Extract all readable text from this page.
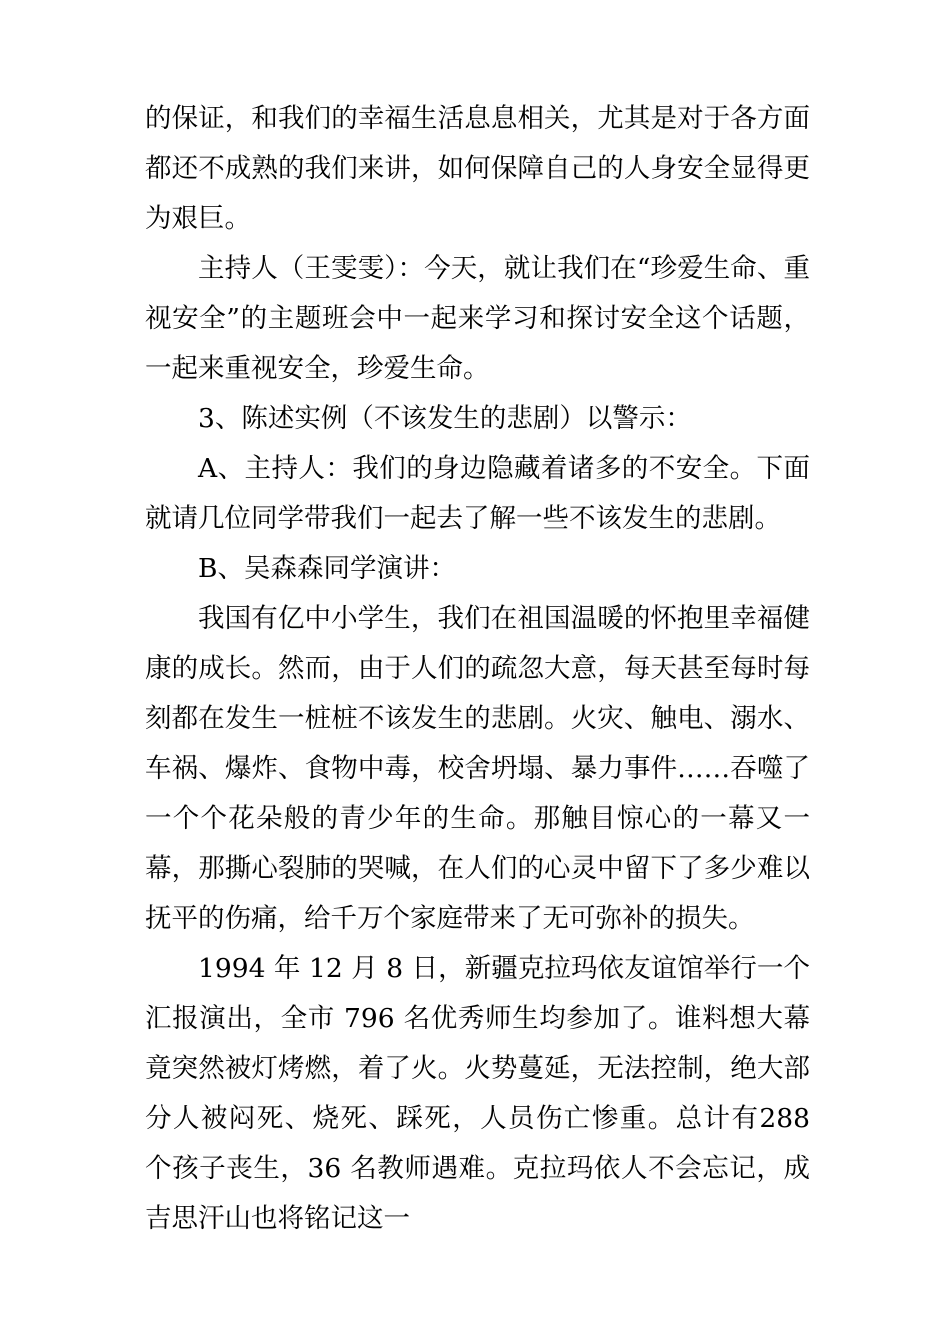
的保证，和我们的幸福生活息息相关，尤其是对于各方面都还不成熟的我们来讲，如何保障自己的人身安全显得更为艰巨。

主持人（王雯雯）：今天，就让我们在“珍爱生命、重视安全”的主题班会中一起来学习和探讨安全这个话题，一起来重视安全，珍爱生命。

3、陈述实例（不该发生的悲剧）以警示：

A、主持人：我们的身边隐藏着诸多的不安全。下面就请几位同学带我们一起去了解一些不该发生的悲剧。

B、吴森森同学演讲：

我国有亿中小学生，我们在祖国温暖的怀抱里幸福健康的成长。然而，由于人们的疏忽大意，每天甚至每时每刻都在发生一桩桩不该发生的悲剧。火灾、触电、溺水、车祸、爆炸、食物中毒，校舍坍塌、暴力事件……吞噬了一个个花朵般的青少年的生命。那触目惊心的一幕又一幕，那撕心裂肺的哭喊，在人们的心灵中留下了多少难以抚平的伤痛，给千万个家庭带来了无可弥补的损失。

1994 年 12 月 8 日，新疆克拉玛依友谊馆举行一个汇报演出，全市 796 名优秀师生均参加了。谁料想大幕竟突然被灯烤燃，着了火。火势蔓延，无法控制，绝大部分人被闷死、烧死、踩死，人员伤亡惨重。总计有288 个孩子丧生，36 名教师遇难。克拉玛依人不会忘记，成吉思汗山也将铭记这一
